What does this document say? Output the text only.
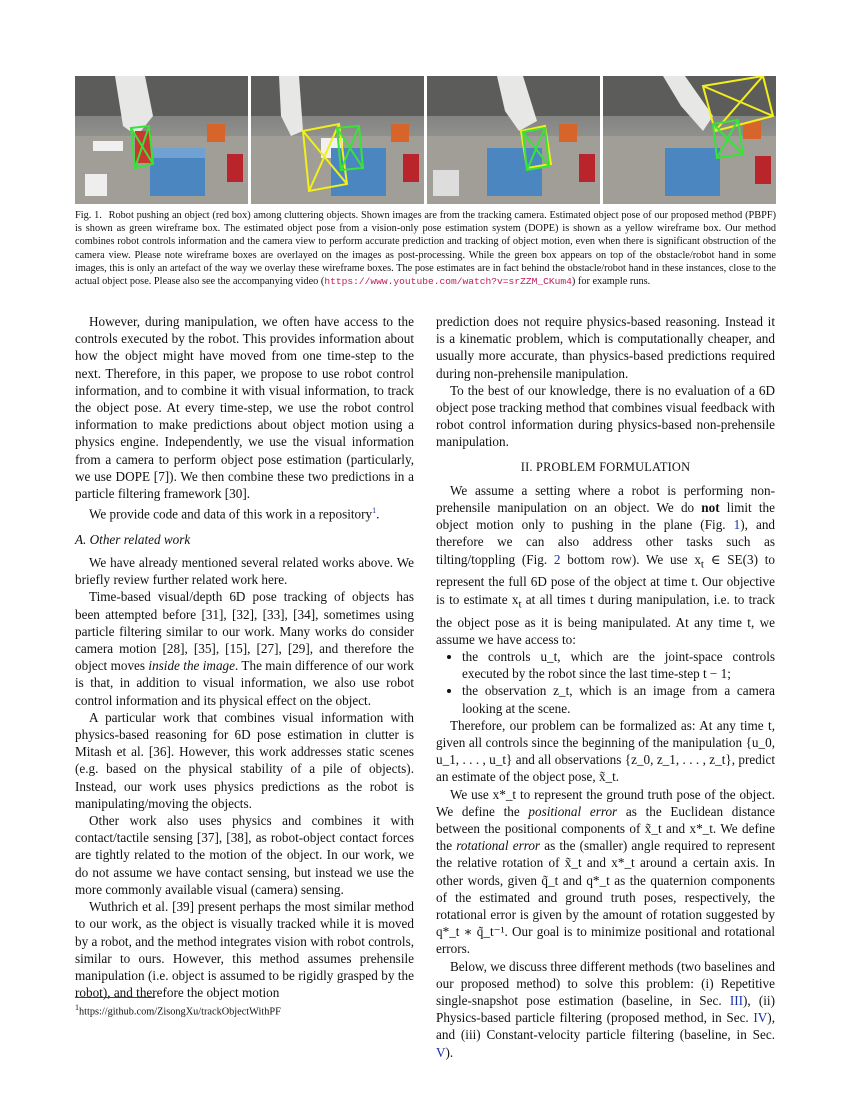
Fig. 1. Robot pushing an object (red box) among cluttering objects. Shown images are from the tracking camera. Estimated object pose of our proposed method (PBPF) is shown as green wireframe box. The estimated object pose from a vision-only pose estimation system (DOPE) is shown as a yellow wireframe box. Our method combines robot controls information and the camera view to perform accurate prediction and tracking of object motion, even when there is significant obstruction of the camera view. Please note wireframe boxes are overlayed on the images as post-processing. While the green box appears on top of the obstacle/robot hand in some images, this is only an artefact of the way we overlay these wireframe boxes. The pose estimates are in fact behind the obstacle/robot hand in these instances, close to the actual object pose. Please also see the accompanying video (https://www.youtube.com/watch?v=srZZM_CKum4) for example runs.

However, during manipulation, we often have access to the controls executed by the robot. This provides information about how the object might have moved from one time-step to the next. Therefore, in this paper, we propose to use robot control information, and to combine it with visual information, to track the object pose. At every time-step, we use the robot control information to make predictions about object motion using a physics engine. Independently, we use the visual information from a camera to perform object pose estimation (particularly, we use DOPE [7]). We then combine these two predictions in a particle filtering framework [30].

We provide code and data of this work in a repository$^1$.

A. Other related work

We have already mentioned several related works above. We briefly review further related work here.

Time-based visual/depth 6D pose tracking of objects has been attempted before [31], [32], [33], [34], sometimes using particle filtering similar to our work. Many works do consider camera motion [28], [35], [15], [27], [29], and therefore the object moves inside the image. The main difference of our work is that, in addition to visual information, we also use robot control information and its physical effect on the object.

A particular work that combines visual information with physics-based reasoning for 6D pose estimation in clutter is Mitash et al. [36]. However, this work addresses static scenes (e.g. based on the physical stability of a pile of objects). Instead, our work uses physics predictions as the robot is manipulating/moving the objects.

Other work also uses physics and combines it with contact/tactile sensing [37], [38], as robot-object contact forces are tightly related to the motion of the object. In our work, we do not assume we have contact sensing, but instead we use the more commonly available visual (camera) sensing.

Wuthrich et al. [39] present perhaps the most similar method to our work, as the object is visually tracked while it is moved by a robot, and the method integrates vision with robot controls, similar to ours. However, this method assumes prehensile manipulation (i.e. object is assumed to be rigidly grasped by the robot), and therefore the object motion

$^1$https://github.com/ZisongXu/trackObjectWithPF

prediction does not require physics-based reasoning. Instead it is a kinematic problem, which is computationally cheaper, and usually more accurate, than physics-based predictions required during non-prehensile manipulation.

To the best of our knowledge, there is no evaluation of a 6D object pose tracking method that combines visual feedback with robot control information during physics-based non-prehensile manipulation.

II. PROBLEM FORMULATION

We assume a setting where a robot is performing non-prehensile manipulation on an object. We do not limit the object motion only to pushing in the plane (Fig. 1), and therefore we can also address other tasks such as tilting/toppling (Fig. 2 bottom row). We use $x_t$ ∈ SE(3) to represent the full 6D pose of the object at time t. Our objective is to estimate $x_t$ at all times t during manipulation, i.e. to track the object pose as it is being manipulated. At any time t, we assume we have access to:

• the controls u_t, which are the joint-space controls executed by the robot since the last time-step t − 1;
• the observation z_t, which is an image from a camera looking at the scene.

Therefore, our problem can be formalized as: At any time t, given all controls since the beginning of the manipulation {u_0, u_1, . . . , u_t} and all observations {z_0, z_1, . . . , z_t}, predict an estimate of the object pose, x̃_t.

We use x*_t to represent the ground truth pose of the object. We define the positional error as the Euclidean distance between the positional components of x̃_t and x*_t. We define the rotational error as the (smaller) angle required to represent the relative rotation of x̃_t and x*_t around a certain axis. In other words, given q̃_t and q*_t as the quaternion components of the estimated and ground truth poses, respectively, the rotational error is given by the amount of rotation suggested by q*_t ∗ q̃_t⁻¹. Our goal is to minimize positional and rotational errors.

Below, we discuss three different methods (two baselines and our proposed method) to solve this problem: (i) Repetitive single-snapshot pose estimation (baseline, in Sec. III), (ii) Physics-based particle filtering (proposed method, in Sec. IV), and (iii) Constant-velocity particle filtering (baseline, in Sec. V).
